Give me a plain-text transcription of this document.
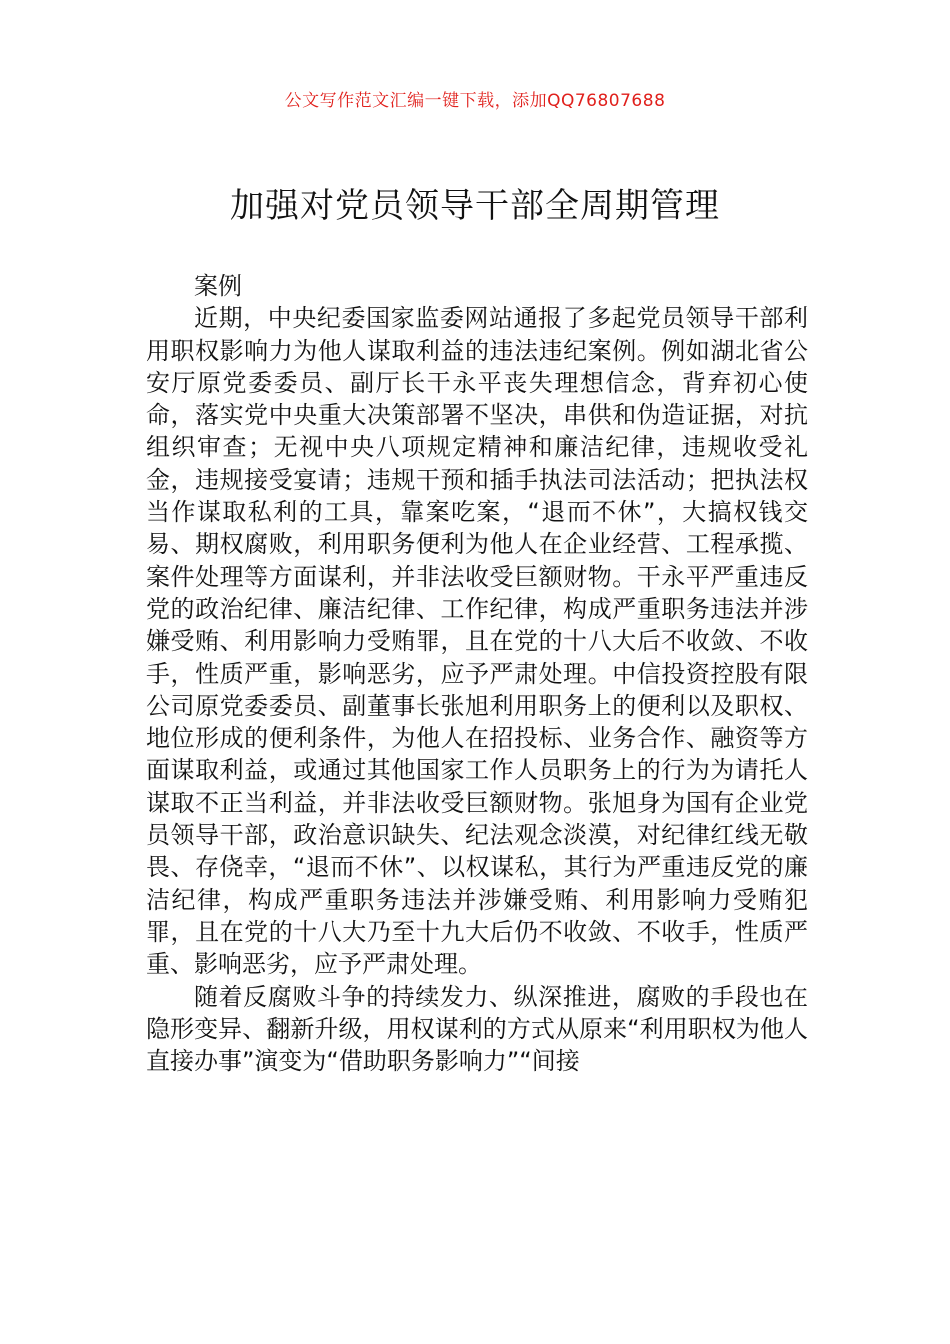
公文写作范文汇编一键下载，添加QQ76807688
加强对党员领导干部全周期管理

案例

近期，中央纪委国家监委网站通报了多起党员领导干部利用职权影响力为他人谋取利益的违法违纪案例。例如湖北省公安厅原党委委员、副厅长干永平丧失理想信念，背弃初心使命，落实党中央重大决策部署不坚决，串供和伪造证据，对抗组织审查；无视中央八项规定精神和廉洁纪律，违规收受礼金，违规接受宴请；违规干预和插手执法司法活动；把执法权当作谋取私利的工具，靠案吃案，“退而不休”，大搞权钱交易、期权腐败，利用职务便利为他人在企业经营、工程承揽、案件处理等方面谋利，并非法收受巨额财物。干永平严重违反党的政治纪律、廉洁纪律、工作纪律，构成严重职务违法并涉嫌受贿、利用影响力受贿罪，且在党的十八大后不收敛、不收手，性质严重，影响恶劣，应予严肃处理。中信投资控股有限公司原党委委员、副董事长张旭利用职务上的便利以及职权、地位形成的便利条件，为他人在招投标、业务合作、融资等方面谋取利益，或通过其他国家工作人员职务上的行为为请托人谋取不正当利益，并非法收受巨额财物。张旭身为国有企业党员领导干部，政治意识缺失、纪法观念淡漠，对纪律红线无敬畏、存侥幸，“退而不休”、以权谋私，其行为严重违反党的廉洁纪律，构成严重职务违法并涉嫌受贿、利用影响力受贿犯罪，且在党的十八大乃至十九大后仍不收敛、不收手，性质严重、影响恶劣，应予严肃处理。

随着反腐败斗争的持续发力、纵深推进，腐败的手段也在隐形变异、翻新升级，用权谋利的方式从原来“利用职权为他人直接办事”演变为“借助职务影响力”“间接
